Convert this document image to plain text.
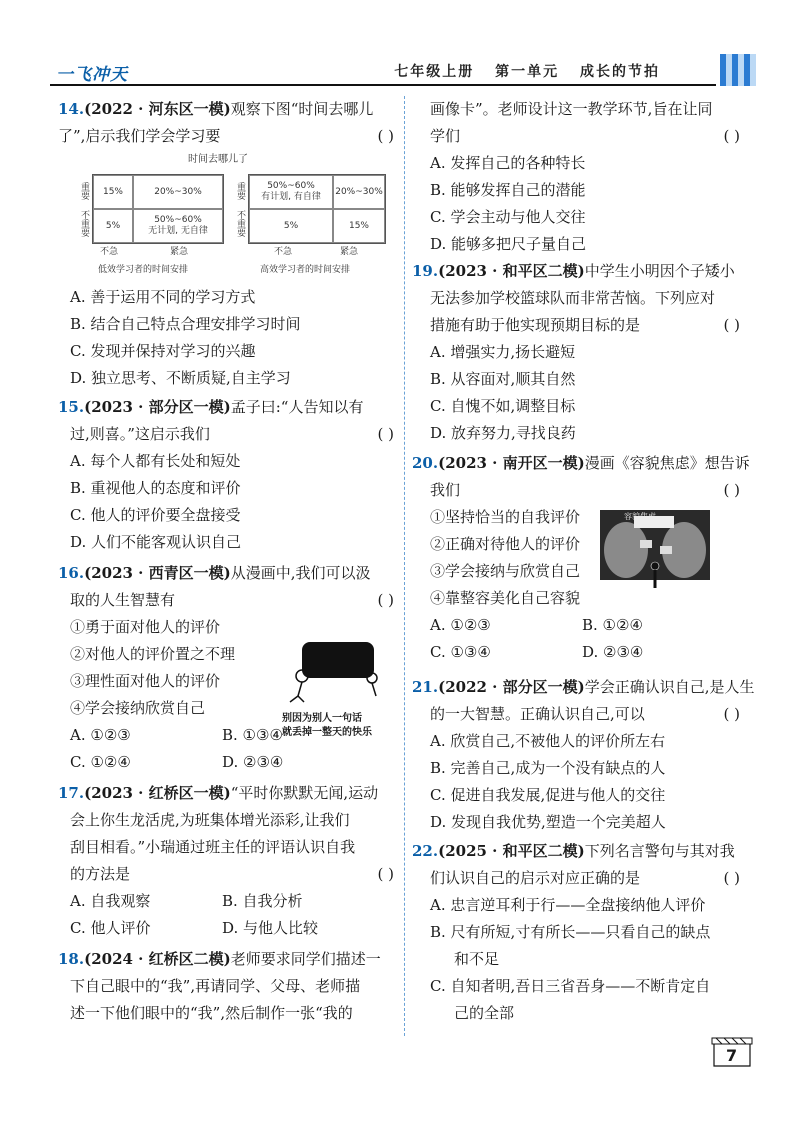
一飞冲天	七年级上册 第一单元 成长的节拍
14.(2022 · 河东区一模)观察下图“时间去哪儿
了”,启示我们学会学习要	( )
时间去哪儿了
重要
不重要
15%	20%~30%
5%
50%~60%
无计划, 无自律
不急	紧急
低效学习者的时间安排
重要
不重要
50%~60%
有计划, 有自律
20%~30%
5%	15%
不急	紧急
高效学习者的时间安排
A. 善于运用不同的学习方式
B. 结合自己特点合理安排学习时间
C. 发现并保持对学习的兴趣
D. 独立思考、不断质疑,自主学习
15.(2023 · 部分区一模)孟子曰:“人告知以有
过,则喜。”这启示我们	( )
A. 每个人都有长处和短处
B. 重视他人的态度和评价
C. 他人的评价要全盘接受
D. 人们不能客观认识自己
16.(2023 · 西青区一模)从漫画中,我们可以汲
取的人生智慧有	( )
①勇于面对他人的评价
②对他人的评价置之不理
③理性面对他人的评价
④学会接纳欣赏自己
A. ①②③	B. ①③④
C. ①②④	D. ②③④
别因为别人一句话
就丢掉一整天的快乐
17.(2023 · 红桥区一模)“平时你默默无闻,运动
会上你生龙活虎,为班集体增光添彩,让我们
刮目相看。”小瑞通过班主任的评语认识自我
的方法是	( )
A. 自我观察	B. 自我分析
C. 他人评价	D. 与他人比较
18.(2024 · 红桥区二模)老师要求同学们描述一
下自己眼中的“我”,再请同学、父母、老师描
述一下他们眼中的“我”,然后制作一张“我的
画像卡”。老师设计这一教学环节,旨在让同
学们	( )
A. 发挥自己的各种特长
B. 能够发挥自己的潜能
C. 学会主动与他人交往
D. 能够多把尺子量自己
19.(2023 · 和平区二模)中学生小明因个子矮小
无法参加学校篮球队而非常苦恼。下列应对
措施有助于他实现预期目标的是	( )
A. 增强实力,扬长避短
B. 从容面对,顺其自然
C. 自愧不如,调整目标
D. 放弃努力,寻找良药
20.(2023 · 南开区一模)漫画《容貌焦虑》想告诉
我们	( )
①坚持恰当的自我评价
②正确对待他人的评价
③学会接纳与欣赏自己
④靠整容美化自己容貌
A. ①②③	B. ①②④
C. ①③④	D. ②③④
容貌焦虑
21.(2022 · 部分区一模)学会正确认识自己,是人生
的一大智慧。正确认识自己,可以	( )
A. 欣赏自己,不被他人的评价所左右
B. 完善自己,成为一个没有缺点的人
C. 促进自我发展,促进与他人的交往
D. 发现自我优势,塑造一个完美超人
22.(2025 · 和平区二模)下列名言警句与其对我
们认识自己的启示对应正确的是	( )
A. 忠言逆耳利于行——全盘接纳他人评价
B. 尺有所短,寸有所长——只看自己的缺点
和不足
C. 自知者明,吾日三省吾身——不断肯定自
己的全部
7
